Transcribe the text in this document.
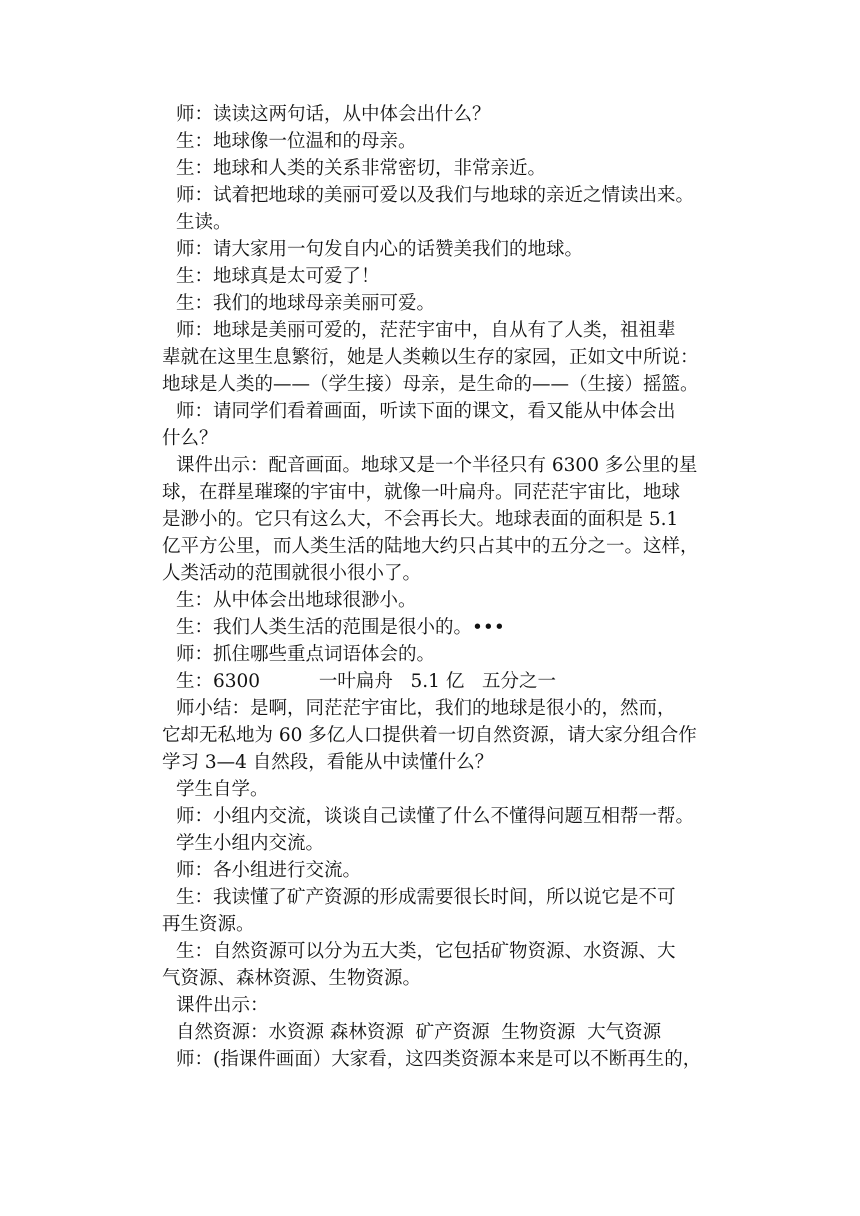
师：读读这两句话，从中体会出什么？

生：地球像一位温和的母亲。

生：地球和人类的关系非常密切，非常亲近。

师：试着把地球的美丽可爱以及我们与地球的亲近之情读出来。

生读。

师：请大家用一句发自内心的话赞美我们的地球。

生：地球真是太可爱了！

生：我们的地球母亲美丽可爱。

师：地球是美丽可爱的，茫茫宇宙中，自从有了人类，祖祖辈
辈就在这里生息繁衍，她是人类赖以生存的家园，正如文中所说：
地球是人类的——（学生接）母亲，是生命的——（生接）摇篮。

师：请同学们看着画面，听读下面的课文，看又能从中体会出
什么？

课件出示：配音画面。地球又是一个半径只有 6300 多公里的星
球，在群星璀璨的宇宙中，就像一叶扁舟。同茫茫宇宙比，地球
是渺小的。它只有这么大，不会再长大。地球表面的面积是 5.1
亿平方公里，而人类生活的陆地大约只占其中的五分之一。这样，
人类活动的范围就很小很小了。

生：从中体会出地球很渺小。

生：我们人类生活的范围是很小的。•••

师：抓住哪些重点词语体会的。

生：6300          一叶扁舟   5.1 亿   五分之一

师小结：是啊，同茫茫宇宙比，我们的地球是很小的，然而，
它却无私地为 60 多亿人口提供着一切自然资源，请大家分组合作
学习 3—4 自然段，看能从中读懂什么？

学生自学。

师：小组内交流，谈谈自己读懂了什么不懂得问题互相帮一帮。

学生小组内交流。

师：各小组进行交流。

生：我读懂了矿产资源的形成需要很长时间，所以说它是不可
再生资源。

生：自然资源可以分为五大类，它包括矿物资源、水资源、大
气资源、森林资源、生物资源。

课件出示：

自然资源：水资源 森林资源  矿产资源  生物资源  大气资源

师：(指课件画面）大家看，这四类资源本来是可以不断再生的，
